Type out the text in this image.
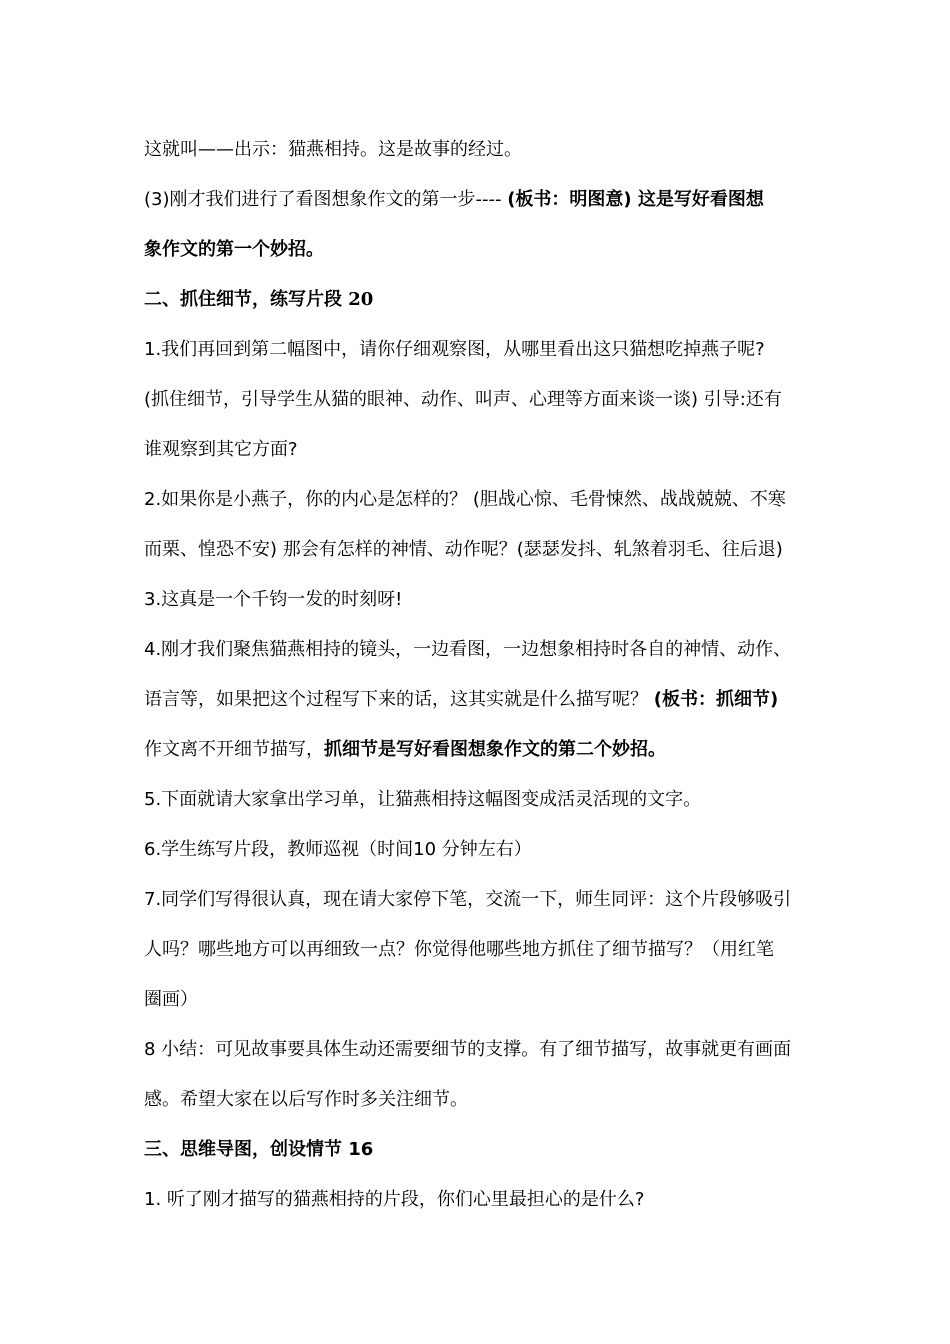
这就叫——出示：猫燕相持。这是故事的经过。
(3)刚才我们进行了看图想象作文的第一步---- (板书：明图意) 这是写好看图想
象作文的第一个妙招。
二、抓住细节，练写片段 20
1.我们再回到第二幅图中，请你仔细观察图，从哪里看出这只猫想吃掉燕子呢?
(抓住细节，引导学生从猫的眼神、动作、叫声、心理等方面来谈一谈) 引导:还有
谁观察到其它方面?
2.如果你是小燕子，你的内心是怎样的？ (胆战心惊、毛骨悚然、战战兢兢、不寒
而栗、惶恐不安) 那会有怎样的神情、动作呢？(瑟瑟发抖、轧煞着羽毛、往后退)
3.这真是一个千钧一发的时刻呀!
4.刚才我们聚焦猫燕相持的镜头，一边看图，一边想象相持时各自的神情、动作、
语言等，如果把这个过程写下来的话，这其实就是什么描写呢？ (板书：抓细节)
作文离不开细节描写，抓细节是写好看图想象作文的第二个妙招。
5.下面就请大家拿出学习单，让猫燕相持这幅图变成活灵活现的文字。
6.学生练写片段，教师巡视（时间10 分钟左右）
7.同学们写得很认真，现在请大家停下笔，交流一下，师生同评：这个片段够吸引
人吗？哪些地方可以再细致一点？你觉得他哪些地方抓住了细节描写？（用红笔
圈画）
8 小结：可见故事要具体生动还需要细节的支撑。有了细节描写，故事就更有画面
感。希望大家在以后写作时多关注细节。
三、思维导图，创设情节 16
1. 听了刚才描写的猫燕相持的片段，你们心里最担心的是什么?
